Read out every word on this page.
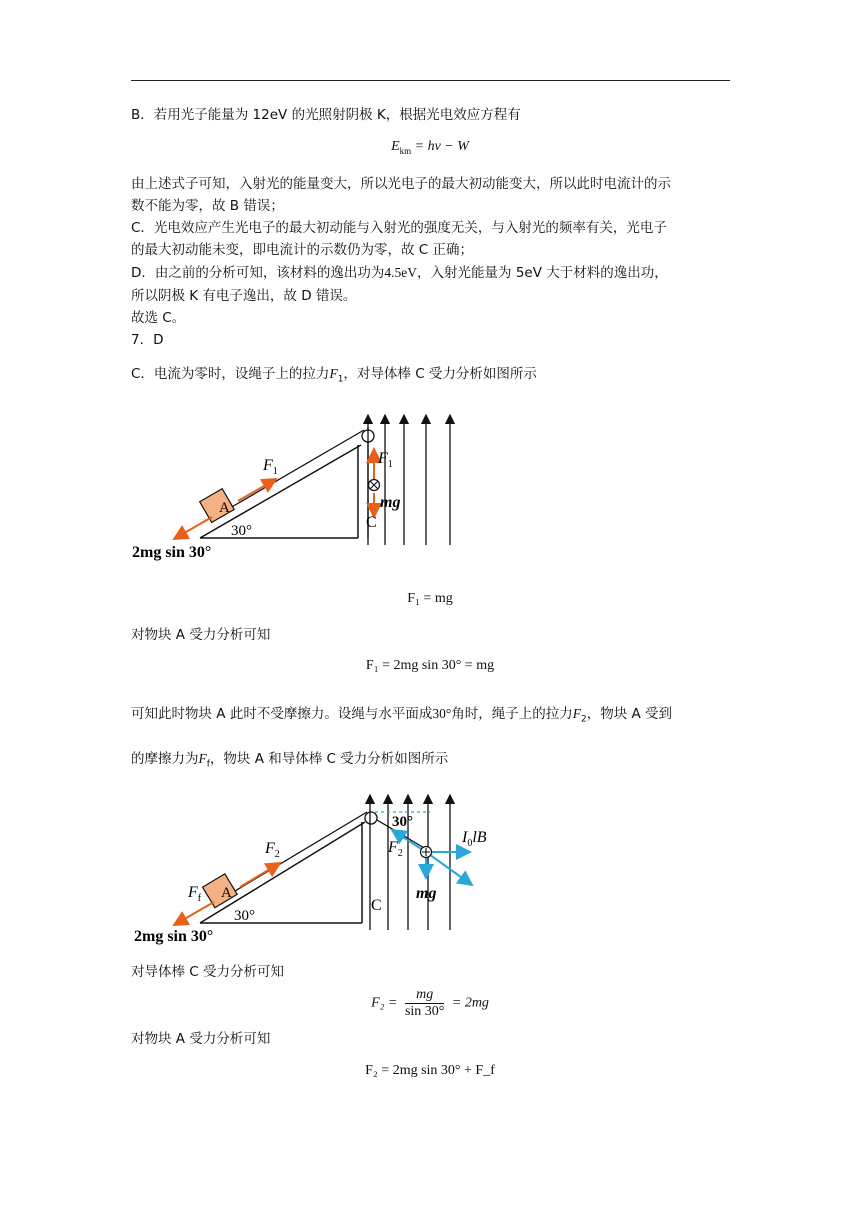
B．若用光子能量为 12eV 的光照射阴极 K，根据光电效应方程有
$E_{km} = h\nu - W$
由上述式子可知，入射光的能量变大，所以光电子的最大初动能变大，所以此时电流计的示
数不能为零，故 B 错误；
C．光电效应产生光电子的最大初动能与入射光的强度无关，与入射光的频率有关，光电子
的最大初动能未变，即电流计的示数仍为零，故 C 正确；
D．由之前的分析可知，该材料的逸出功为4.5eV，入射光能量为 5eV 大于材料的逸出功，
所以阴极 K 有电子逸出，故 D 错误。
故选 C。
7．D
C．电流为零时，设绳子上的拉力$F_1$，对导体棒 C 受力分析如图所示
A
$F_1$
$F_1$
mg
C
30°
2mg sin 30°
F₁ = mg
对物块 A 受力分析可知
F₁ = 2mg sin 30° = mg
可知此时物块 A 此时不受摩擦力。设绳与水平面成30°角时，绳子上的拉力$F_2$，物块 A 受到
的摩擦力为$F_f$，物块 A 和导体棒 C 受力分析如图所示
A
$F_2$
$F_f$
$F_2$
30°
$I_0lB$
mg
C
30°
2mg sin 30°
对导体棒 C 受力分析可知
$F_2 = \frac{mg}{\sin 30^\circ} = 2mg$
对物块 A 受力分析可知
F₂ = 2mg sin 30° + F_f
